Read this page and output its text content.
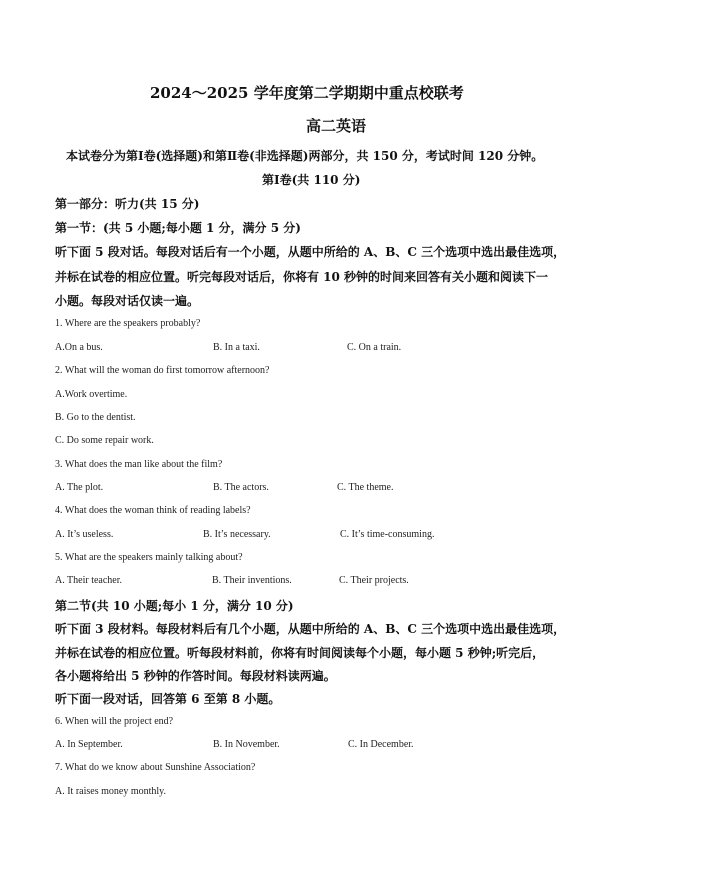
2024～2025 学年度第二学期期中重点校联考
高二英语
本试卷分为第Ⅰ卷(选择题)和第Ⅱ卷(非选择题)两部分，共 150 分，考试时间 120 分钟。
第Ⅰ卷(共 110 分)
第一部分：听力(共 15 分)
第一节：(共 5 小题;每小题 1 分，满分 5 分)
听下面 5 段对话。每段对话后有一个小题，从题中所给的 A、B、C 三个选项中选出最佳选项，
并标在试卷的相应位置。听完每段对话后，你将有 10 秒钟的时间来回答有关小题和阅读下一
小题。每段对话仅读一遍。
1. Where are the speakers probably?
A.On a bus.	B. In a taxi.	C. On a train.
2. What will the woman do first tomorrow afternoon?
A.Work overtime.
B. Go to the dentist.
C. Do some repair work.
3. What does the man like about the film?
A. The plot.	B. The actors.	C. The theme.
4. What does the woman think of reading labels?
A. It’s useless.	B. It’s necessary.	C. It’s time-consuming.
5. What are the speakers mainly talking about?
A. Their teacher.	B. Their inventions.	C. Their projects.
第二节(共 10 小题;每小 1 分，满分 10 分)
听下面 3 段材料。每段材料后有几个小题，从题中所给的 A、B、C 三个选项中选出最佳选项，
并标在试卷的相应位置。听每段材料前，你将有时间阅读每个小题，每小题 5 秒钟;听完后，
各小题将给出 5 秒钟的作答时间。每段材料读两遍。
听下面一段对话，回答第 6 至第 8 小题。
6. When will the project end?
A. In September.	B. In November.	C. In December.
7. What do we know about Sunshine Association?
A. It raises money monthly.
